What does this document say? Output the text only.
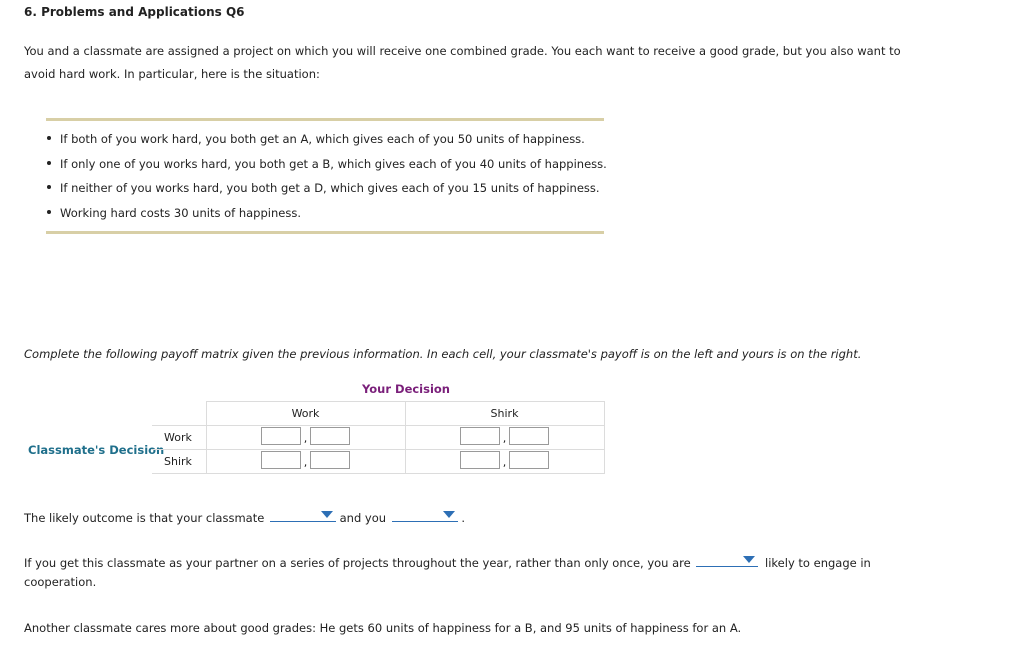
6. Problems and Applications Q6
You and a classmate are assigned a project on which you will receive one combined grade. You each want to receive a good grade, but you also want to avoid hard work. In particular, here is the situation:
If both of you work hard, you both get an A, which gives each of you 50 units of happiness.
If only one of you works hard, you both get a B, which gives each of you 40 units of happiness.
If neither of you works hard, you both get a D, which gives each of you 15 units of happiness.
Working hard costs 30 units of happiness.
Complete the following payoff matrix given the previous information. In each cell, your classmate's payoff is on the left and yours is on the right.
Your Decision
Classmate's Decision
	Work	Shirk
Work	,	,

Shirk	,	,
The likely outcome is that your classmate	and you	.
If you get this classmate as your partner on a series of projects throughout the year, rather than only once, you are	likely to engage in
cooperation.
Another classmate cares more about good grades: He gets 60 units of happiness for a B, and 95 units of happiness for an A.
